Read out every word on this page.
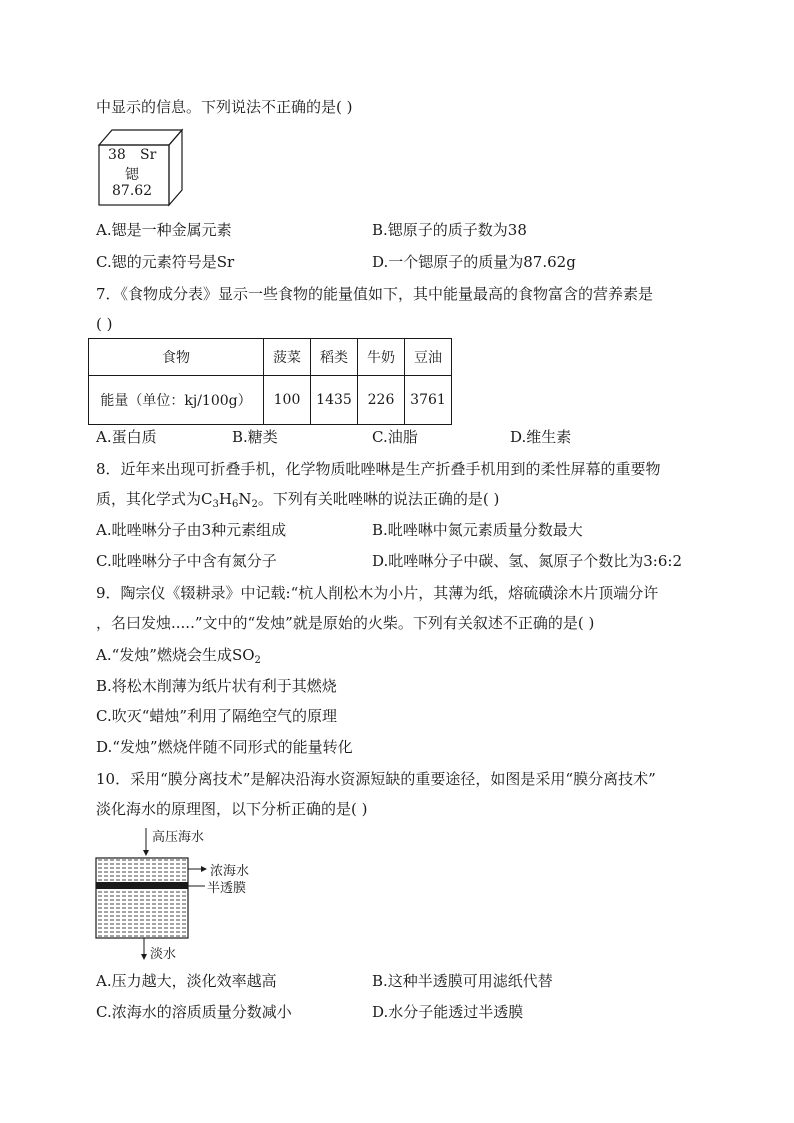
中显示的信息。下列说法不正确的是( )
38 Sr
锶
87.62
A.锶是一种金属元素	B.锶原子的质子数为38
C.锶的元素符号是Sr	D.一个锶原子的质量为87.62g
7．《食物成分表》显示一些食物的能量值如下，其中能量最高的食物富含的营养素是
( )
食物	菠菜	稻类	牛奶	豆油
能量（单位：kj/100g）	100	1435	226	3761
A.蛋白质	B.糖类	C.油脂	D.维生素
8．近年来出现可折叠手机，化学物质吡唑啉是生产折叠手机用到的柔性屏幕的重要物
质，其化学式为$C_3H_6N_2$。下列有关吡唑啉的说法正确的是( )
A.吡唑啉分子由3种元素组成	B.吡唑啉中氮元素质量分数最大
C.吡唑啉分子中含有氮分子	D.吡唑啉分子中碳、氢、氮原子个数比为3:6:2
9．陶宗仪《辍耕录》中记载:“杭人削松木为小片，其薄为纸，熔硫磺涂木片顶端分许
，名曰发烛.....”文中的“发烛”就是原始的火柴。下列有关叙述不正确的是( )
A.“发烛”燃烧会生成$SO_2$
B.将松木削薄为纸片状有利于其燃烧
C.吹灭“蜡烛”利用了隔绝空气的原理
D.“发烛”燃烧伴随不同形式的能量转化
10．采用“膜分离技术”是解决沿海水资源短缺的重要途径，如图是采用“膜分离技术”
淡化海水的原理图，以下分析正确的是( )
高压海水
浓海水
半透膜
淡水
A.压力越大，淡化效率越高	B.这种半透膜可用滤纸代替
C.浓海水的溶质质量分数减小	D.水分子能透过半透膜
